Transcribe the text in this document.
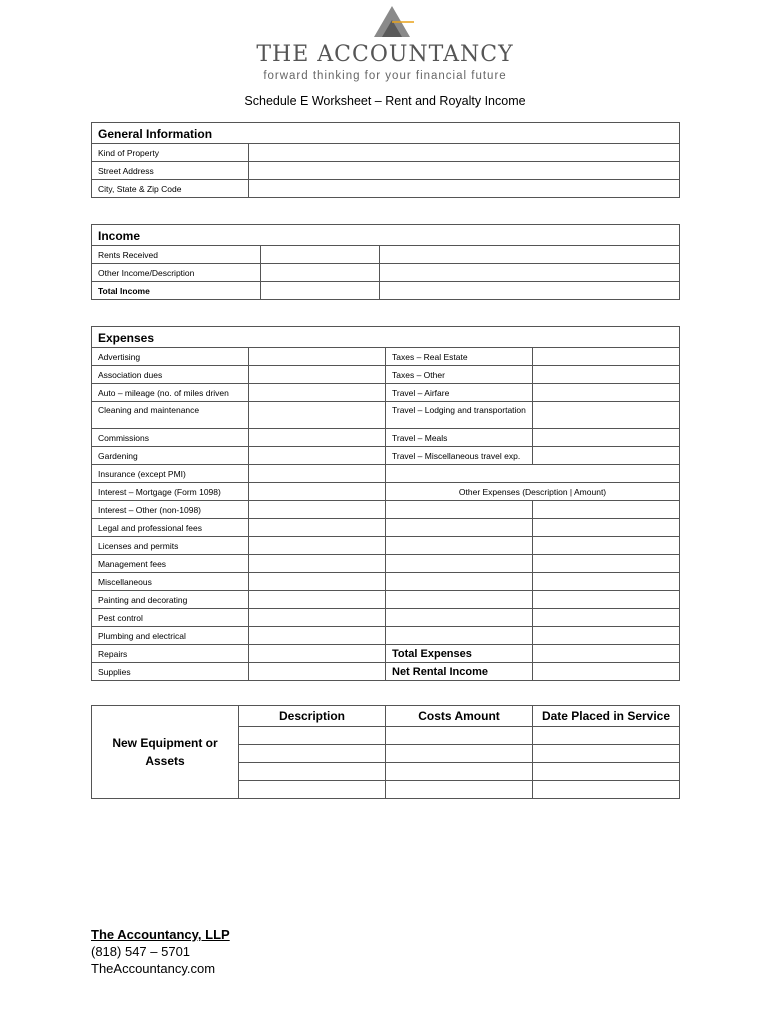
THE ACCOUNTANCY
forward thinking for your financial future
Schedule E Worksheet – Rent and Royalty Income
General Information	
Kind of Property	
Street Address	
City, State & Zip Code	
Income		
Rents Received		
Other Income/Description		
Total Income		
Expenses			
Advertising		Taxes – Real Estate	
Association dues		Taxes – Other	
Auto – mileage (no. of miles driven		Travel – Airfare	
Cleaning and maintenance		Travel – Lodging and transportation	
Commissions		Travel – Meals	
Gardening		Travel – Miscellaneous travel exp.	
Insurance (except PMI)			
Interest – Mortgage (Form 1098)		Other Expenses (Description | Amount)	
Interest – Other (non-1098)			
Legal and professional fees			
Licenses and permits			
Management fees			
Miscellaneous			
Painting and decorating			
Pest control			
Plumbing and electrical			
Repairs		Total Expenses	
Supplies		Net Rental Income	
New Equipment or Assets	Description	Costs Amount	Date Placed in Service

The Accountancy, LLP
(818) 547 – 5701
TheAccountancy.com
